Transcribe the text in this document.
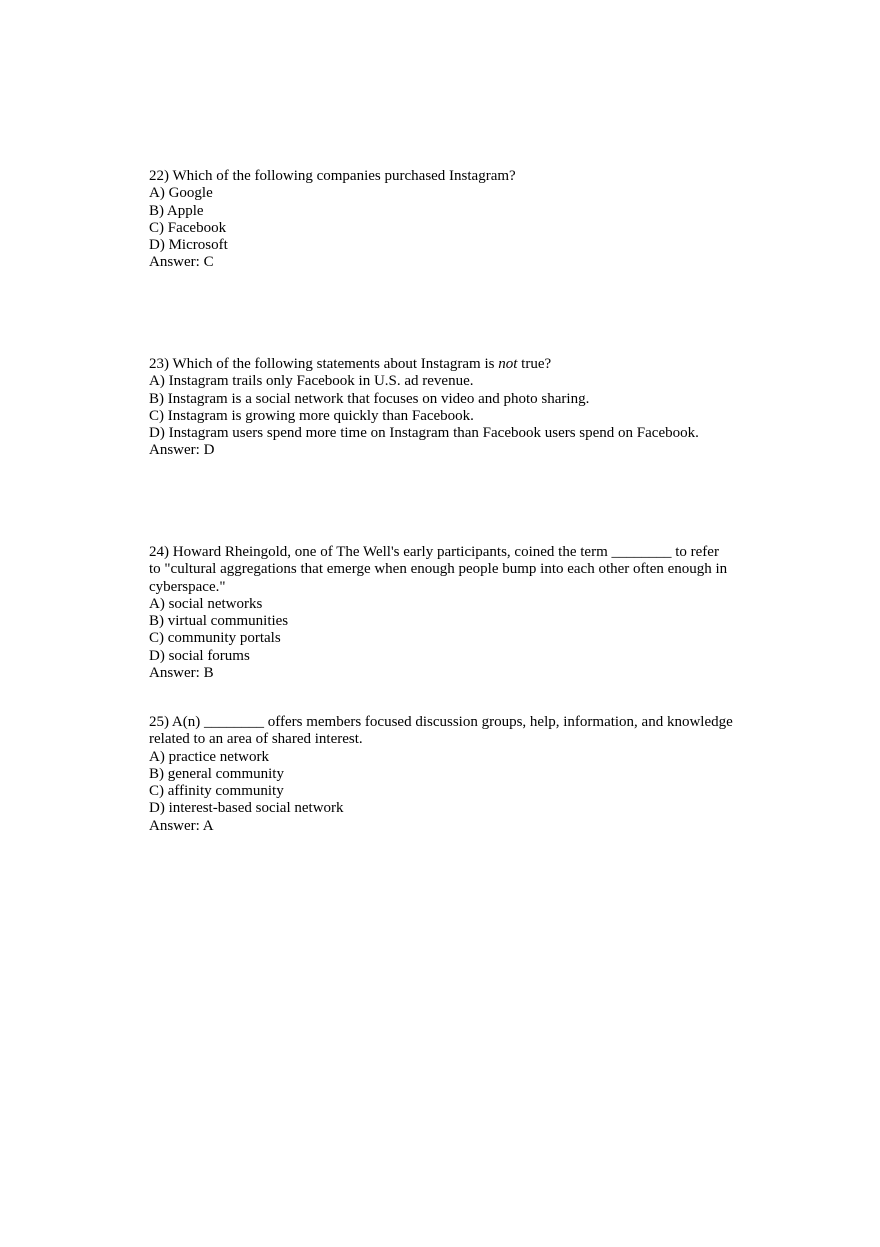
22) Which of the following companies purchased Instagram?
A) Google
B) Apple
C) Facebook
D) Microsoft
Answer: C
23) Which of the following statements about Instagram is not true?
A) Instagram trails only Facebook in U.S. ad revenue.
B) Instagram is a social network that focuses on video and photo sharing.
C) Instagram is growing more quickly than Facebook.
D) Instagram users spend more time on Instagram than Facebook users spend on Facebook.
Answer: D
24) Howard Rheingold, one of The Well's early participants, coined the term ________ to refer
to "cultural aggregations that emerge when enough people bump into each other often enough in
cyberspace."
A) social networks
B) virtual communities
C) community portals
D) social forums
Answer: B
25) A(n) ________ offers members focused discussion groups, help, information, and knowledge
related to an area of shared interest.
A) practice network
B) general community
C) affinity community
D) interest-based social network
Answer: A
